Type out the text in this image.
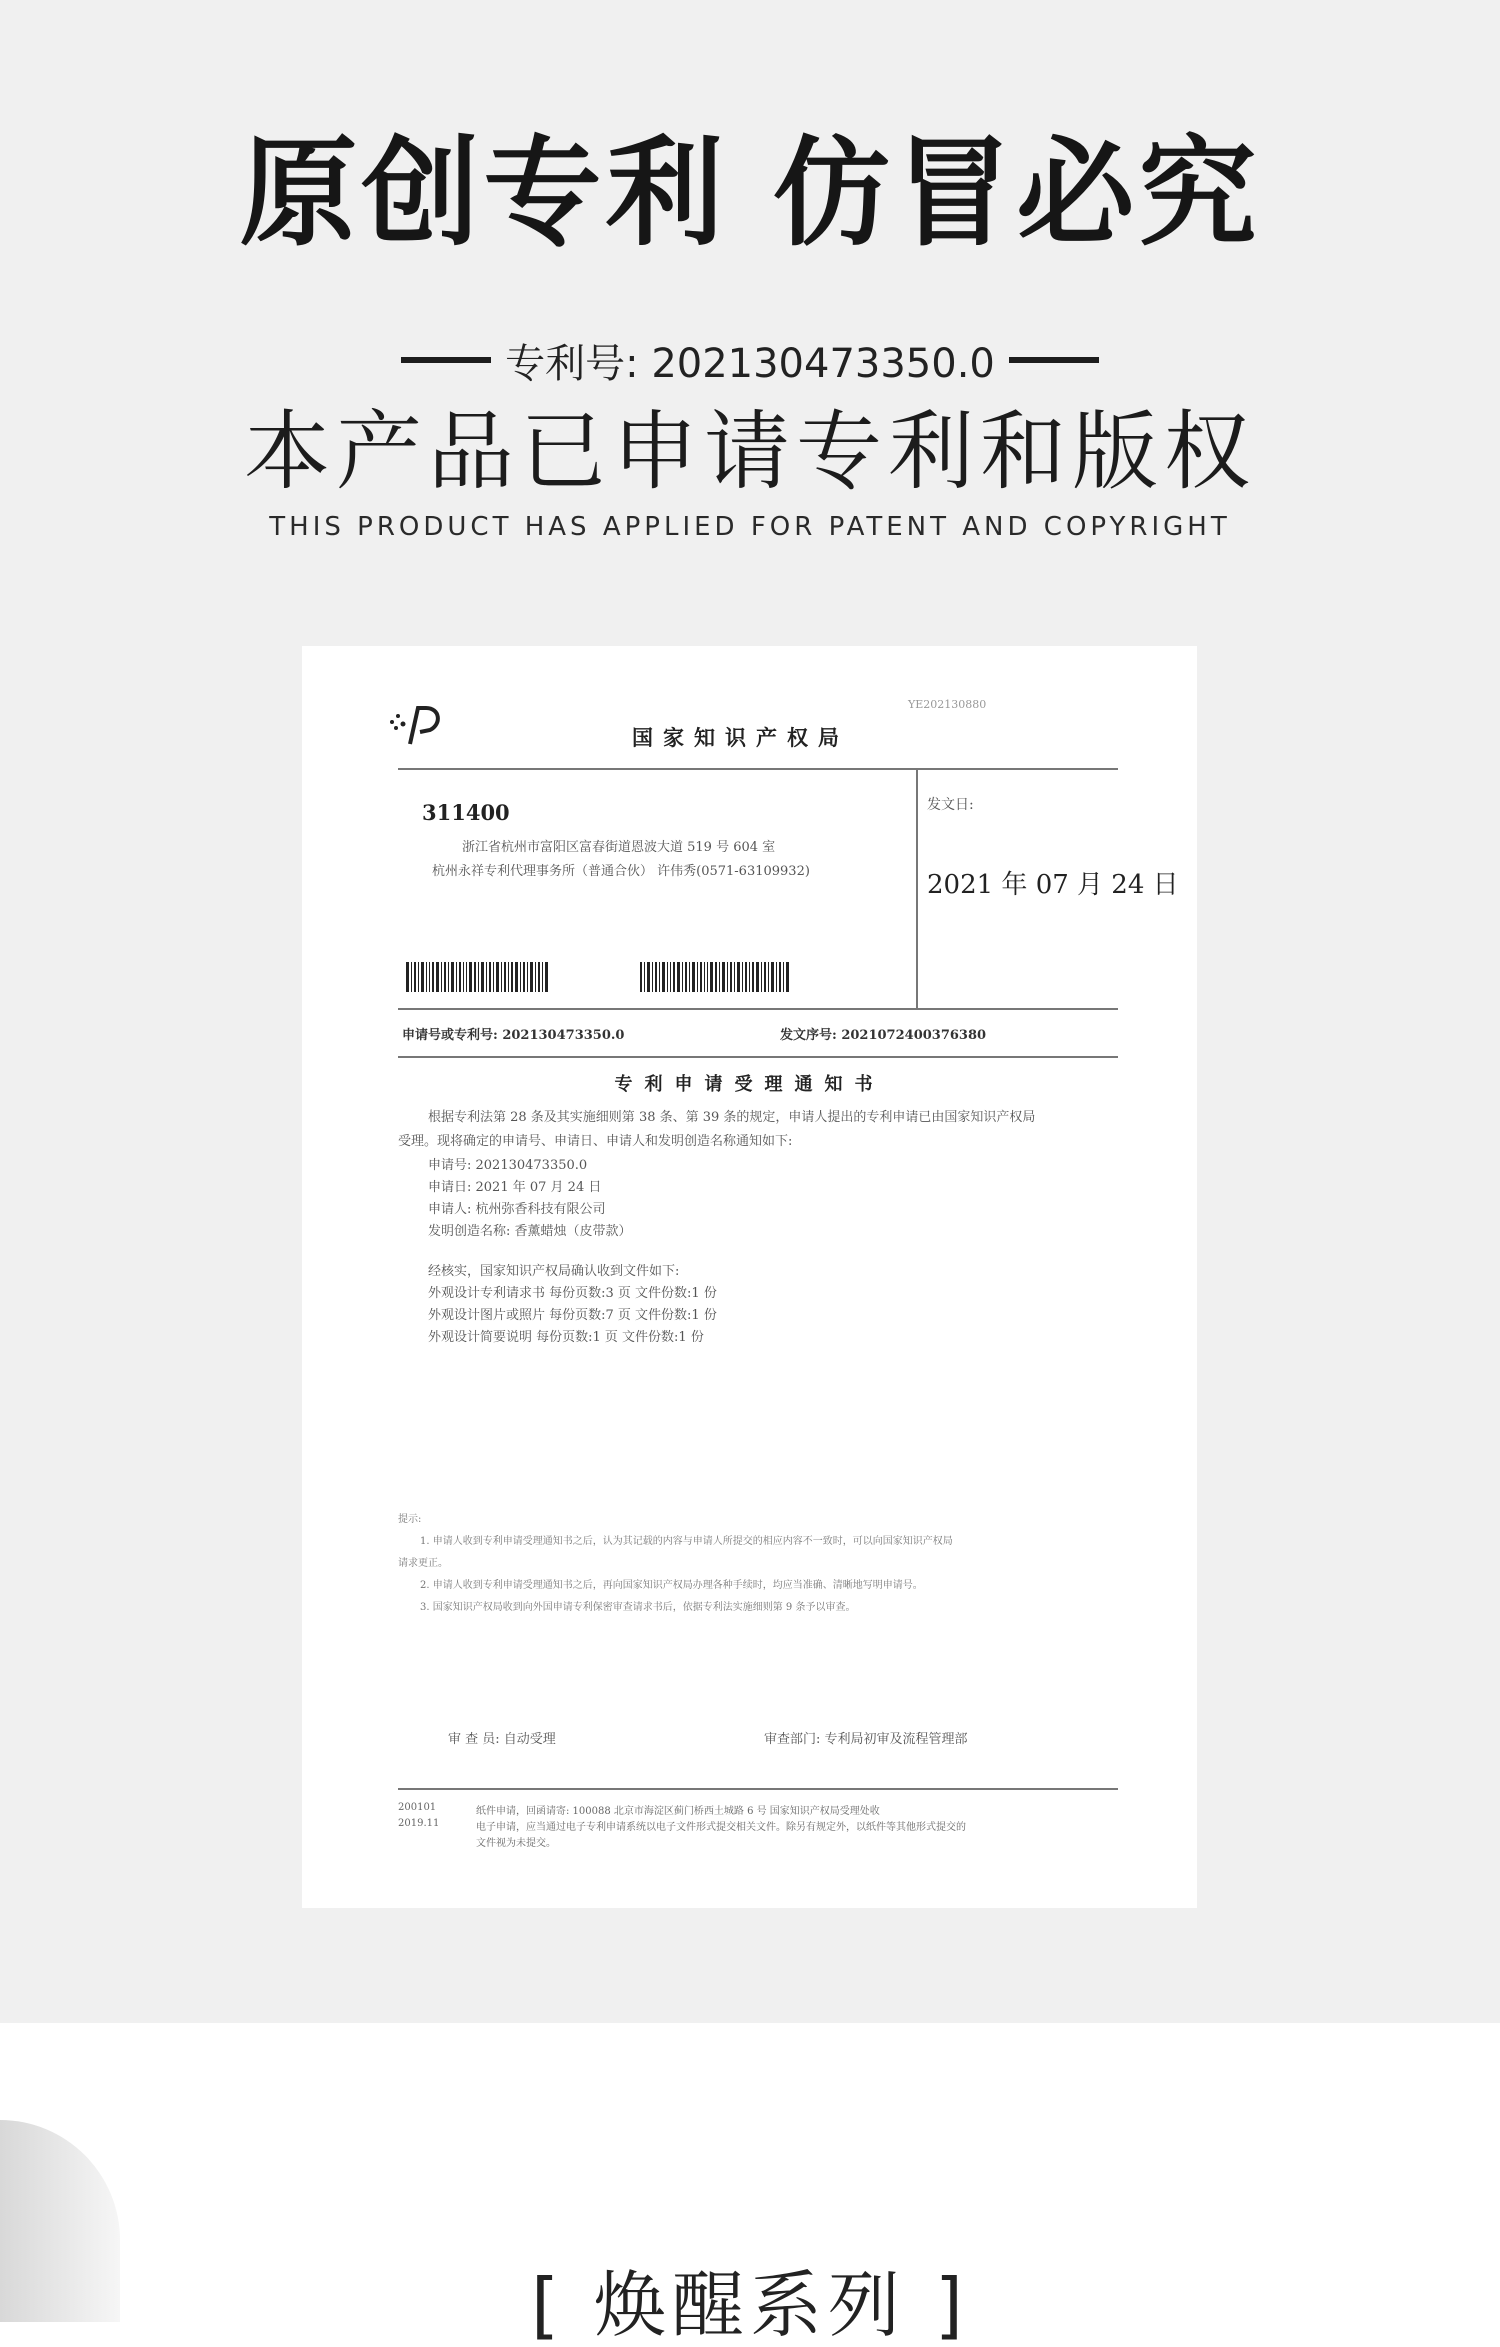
原创专利 仿冒必究
专利号: 202130473350.0
本产品已申请专利和版权
THIS PRODUCT HAS APPLIED FOR PATENT AND COPYRIGHT
YE202130880
国家知识产权局
311400
浙江省杭州市富阳区富春街道恩波大道 519 号 604 室
杭州永祥专利代理事务所（普通合伙） 许伟秀(0571-63109932)
发文日:
2021 年 07 月 24 日
申请号或专利号: 202130473350.0	发文序号: 2021072400376380
专利申请受理通知书
根据专利法第 28 条及其实施细则第 38 条、第 39 条的规定，申请人提出的专利申请已由国家知识产权局
受理。现将确定的申请号、申请日、申请人和发明创造名称通知如下:
申请号: 202130473350.0
申请日: 2021 年 07 月 24 日
申请人: 杭州弥香科技有限公司
发明创造名称: 香薰蜡烛（皮带款）
经核实，国家知识产权局确认收到文件如下:
外观设计专利请求书 每份页数:3 页 文件份数:1 份
外观设计图片或照片 每份页数:7 页 文件份数:1 份
外观设计简要说明 每份页数:1 页 文件份数:1 份
提示:
1. 申请人收到专利申请受理通知书之后，认为其记载的内容与申请人所提交的相应内容不一致时，可以向国家知识产权局
请求更正。
2. 申请人收到专利申请受理通知书之后，再向国家知识产权局办理各种手续时，均应当准确、清晰地写明申请号。
3. 国家知识产权局收到向外国申请专利保密审查请求书后，依据专利法实施细则第 9 条予以审查。
审 查 员: 自动受理	审查部门: 专利局初审及流程管理部
200101
2019.11
纸件申请，回函请寄: 100088 北京市海淀区蓟门桥西土城路 6 号 国家知识产权局受理处收
电子申请，应当通过电子专利申请系统以电子文件形式提交相关文件。除另有规定外，以纸件等其他形式提交的
文件视为未提交。
[ 焕醒系列 ]
